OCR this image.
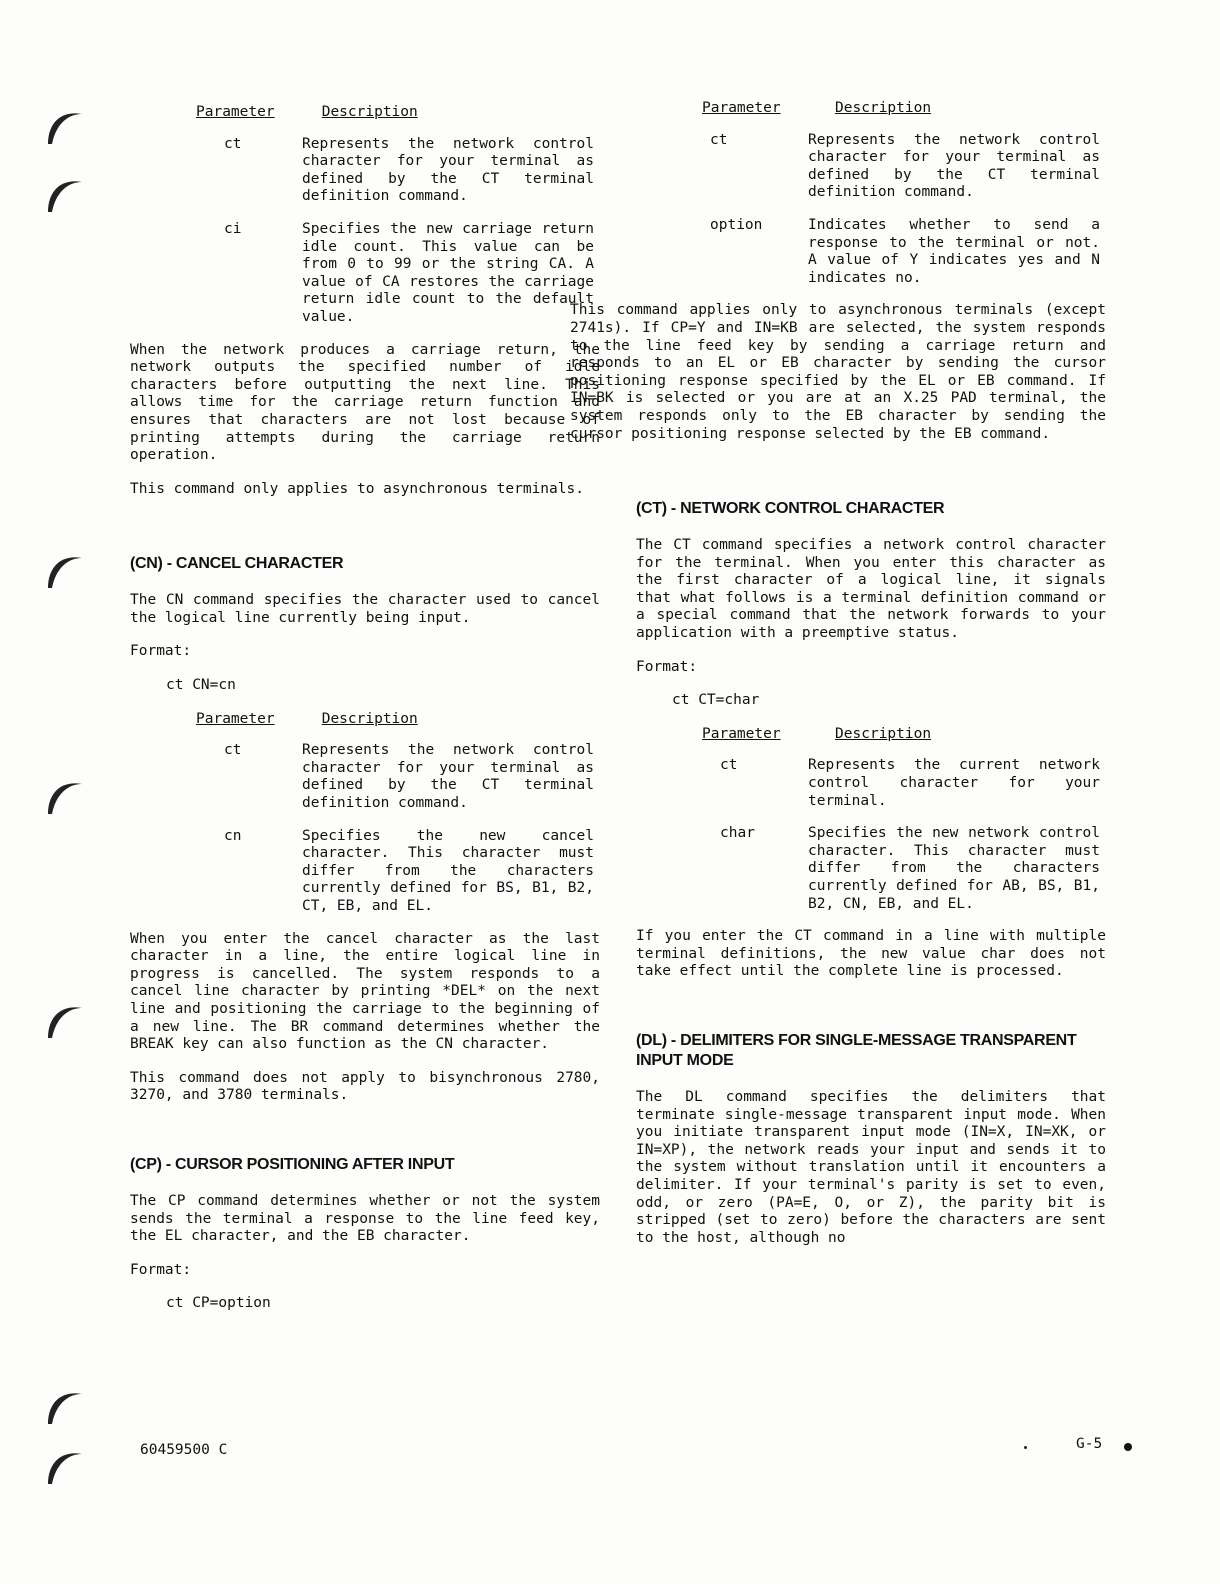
Parameter	Description
ct	Represents the network control character for your terminal as defined by the CT terminal definition command.
ci	Specifies the new carriage return idle count. This value can be from 0 to 99 or the string CA. A value of CA restores the carriage return idle count to the default value.

When the network produces a carriage return, the network outputs the specified number of idle characters before outputting the next line. This allows time for the carriage return function and ensures that characters are not lost because of printing attempts during the carriage return operation.

This command only applies to asynchronous terminals.

(CN) - CANCEL CHARACTER

The CN command specifies the character used to cancel the logical line currently being input.

Format:
ct CN=cn
Parameter	Description
ct	Represents the network control character for your terminal as defined by the CT terminal definition command.
cn	Specifies the new cancel character. This character must differ from the characters currently defined for BS, B1, B2, CT, EB, and EL.

When you enter the cancel character as the last character in a line, the entire logical line in progress is cancelled. The system responds to a cancel line character by printing *DEL* on the next line and positioning the carriage to the beginning of a new line. The BR command determines whether the BREAK key can also function as the CN character.

This command does not apply to bisynchronous 2780, 3270, and 3780 terminals.

(CP) - CURSOR POSITIONING AFTER INPUT

The CP command determines whether or not the system sends the terminal a response to the line feed key, the EL character, and the EB character.

Format:
ct CP=option
Parameter	Description
ct	Represents the network control character for your terminal as defined by the CT terminal definition command.
option	Indicates whether to send a response to the terminal or not. A value of Y indicates yes and N indicates no.

This command applies only to asynchronous terminals (except 2741s). If CP=Y and IN=KB are selected, the system responds to the line feed key by sending a carriage return and responds to an EL or EB character by sending the cursor positioning response specified by the EL or EB command. If IN=BK is selected or you are at an X.25 PAD terminal, the system responds only to the EB character by sending the cursor positioning response selected by the EB command.

(CT) - NETWORK CONTROL CHARACTER

The CT command specifies a network control character for the terminal. When you enter this character as the first character of a logical line, it signals that what follows is a terminal definition command or a special command that the network forwards to your application with a preemptive status.

Format:
ct CT=char
Parameter	Description
ct	Represents the current network control character for your terminal.
char	Specifies the new network control character. This character must differ from the characters currently defined for AB, BS, B1, B2, CN, EB, and EL.

If you enter the CT command in a line with multiple terminal definitions, the new value char does not take effect until the complete line is processed.

(DL) - DELIMITERS FOR SINGLE-MESSAGE TRANSPARENT INPUT MODE

The DL command specifies the delimiters that terminate single-message transparent input mode. When you initiate transparent input mode (IN=X, IN=XK, or IN=XP), the network reads your input and sends it to the system without translation until it encounters a delimiter. If your terminal's parity is set to even, odd, or zero (PA=E, O, or Z), the parity bit is stripped (set to zero) before the characters are sent to the host, although no

60459500 C	G-5
